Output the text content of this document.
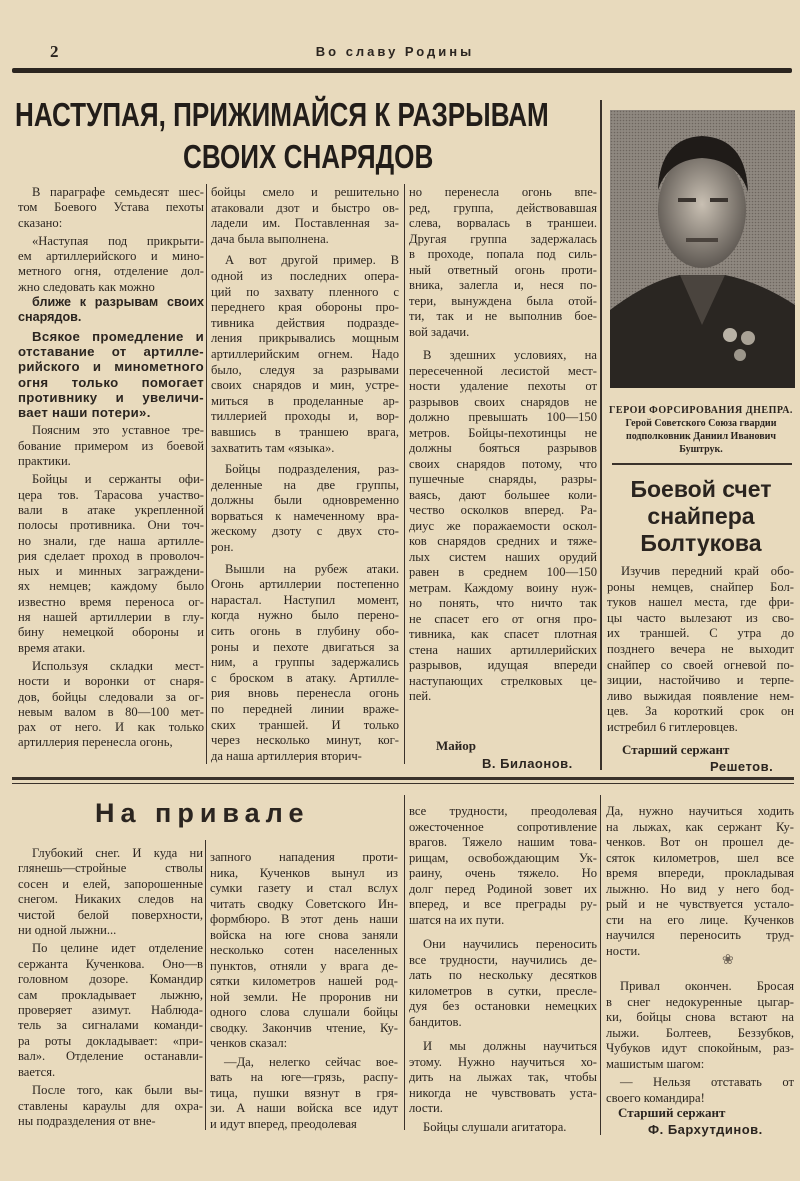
2	Во славу Родины
НАСТУПАЯ, ПРИЖИМАЙСЯ К РАЗРЫВАМ
СВОИХ СНАРЯДОВ
В параграфе семьдесят шес-
том Боевого Устава пехоты
сказано:
«Наступая под прикрыти-
ем артиллерийского и мино-
метного огня, отделение дол-
жно следовать как можно
ближе к разрывам своих
снарядов.
Всякое промедление и
отставание от артилле-
рийского и минометного
огня только помогает
противнику и увеличи-
вает наши потери».
Поясним это уставное тре-
бование примером из боевой
практики.
Бойцы и сержанты офи-
цера тов. Тарасова участво-
вали в атаке укрепленной
полосы противника. Они точ-
но знали, где наша артилле-
рия сделает проход в проволоч-
ных и минных заграждени-
ях немцев; каждому было
известно время переноса ог-
ня нашей артиллерии в глу-
бину немецкой обороны и
время атаки.
Используя складки мест-
ности и воронки от снаря-
дов, бойцы следовали за ог-
невым валом в 80—100 мет-
рах от него. И как только
артиллерия перенесла огонь,
бойцы смело и решительно
атаковали дзот и быстро ов-
ладели им. Поставленная за-
дача была выполнена.
А вот другой пример. В
одной из последних опера-
ций по захвату пленного с
переднего края обороны про-
тивника действия подразде-
ления прикрывались мощным
артиллерийским огнем. Надо
было, следуя за разрывами
своих снарядов и мин, устре-
миться в проделанные ар-
тиллерией проходы и, вор-
вавшись в траншею врага,
захватить там «языка».
Бойцы подразделения, раз-
деленные на две группы,
должны были одновременно
ворваться к намеченному вра-
жескому дзоту с двух сто-
рон.
Вышли на рубеж атаки.
Огонь артиллерии постепенно
нарастал. Наступил момент,
когда нужно было перено-
сить огонь в глубину обо-
роны и пехоте двигаться за
ним, а группы задержались
с броском в атаку. Артилле-
рия вновь перенесла огонь
по передней линии враже-
ских траншей. И только
через несколько минут, ког-
да наша артиллерия вторич-
но перенесла огонь впе-
ред, группа, действовавшая
слева, ворвалась в траншеи.
Другая группа задержалась
в проходе, попала под силь-
ный ответный огонь проти-
вника, залегла и, неся по-
тери, вынуждена была отой-
ти, так и не выполнив бое-
вой задачи.
В здешних условиях, на
пересеченной лесистой мест-
ности удаление пехоты от
разрывов своих снарядов не
должно превышать 100—150
метров. Бойцы-пехотинцы не
должны бояться разрывов
своих снарядов потому, что
пушечные снаряды, разры-
ваясь, дают большее коли-
чество осколков вперед. Ра-
диус же поражаемости оскол-
ков снарядов средних и тяже-
лых систем наших орудий
равен в среднем 100—150
метрам. Каждому воину нуж-
но понять, что ничто так
не спасет его от огня про-
тивника, как спасет плотная
стена наших артиллерийских
разрывов, идущая впереди
наступающих стрелковых це-
пей.
Майор
В. Билаонов.
ГЕРОИ ФОРСИРОВАНИЯ ДНЕПРА.
Герой Советского Союза гвардии подполковник Даниил Иванович Буштрук.
Боевой счет
снайпера
Болтукова
Изучив передний край обо-
роны немцев, снайпер Бол-
туков нашел места, где фри-
цы часто вылезают из сво-
их траншей. С утра до
позднего вечера не выходит
снайпер со своей огневой по-
зиции, настойчиво и терпе-
ливо выжидая появление нем-
цев. За короткий срок он
истребил 6 гитлеровцев.
Старший сержант
Решетов.
На привале
Глубокий снег. И куда ни
глянешь—стройные стволы
сосен и елей, запорошенные
снегом. Никаких следов на
чистой белой поверхности,
ни одной лыжни...
По целине идет отделение
сержанта Кученкова. Оно—в
головном дозоре. Командир
сам прокладывает лыжню,
проверяет азимут. Наблюда-
тель за сигналами команди-
ра роты докладывает: «при-
вал». Отделение останавли-
вается.
После того, как были вы-
ставлены караулы для охра-
ны подразделения от вне-
запного нападения проти-
ника, Кученков вынул из
сумки газету и стал вслух
читать сводку Советского Ин-
формбюро. В этот день наши
войска на юге снова заняли
несколько сотен населенных
пунктов, отняли у врага де-
сятки километров нашей род-
ной земли. Не проронив ни
одного слова слушали бойцы
сводку. Закончив чтение, Ку-
ченков сказал:
—Да, нелегко сейчас вое-
вать на юге—грязь, распу-
тица, пушки вязнут в гря-
зи. А наши войска все идут
и идут вперед, преодолевая
все трудности, преодолевая
ожесточенное сопротивление
врагов. Тяжело нашим това-
рищам, освобождающим Ук-
раину, очень тяжело. Но
долг перед Родиной зовет их
вперед, и все преграды ру-
шатся на их пути.
Они научились переносить
все трудности, научились де-
лать по нескольку десятков
километров в сутки, пресле-
дуя без остановки немецких
бандитов.
И мы должны научиться
этому. Нужно научиться хо-
дить на лыжах так, чтобы
никогда не чувствовать уста-
лости.
Бойцы слушали агитатора.
Да, нужно научиться ходить
на лыжах, как сержант Ку-
ченков. Вот он прошел де-
сяток километров, шел все
время впереди, прокладывая
лыжню. Но вид у него бод-
рый и не чувствуется устало-
сти на его лице. Кученков
научился переносить труд-
ности.
Привал окончен. Бросая
в снег недокуренные цыгар-
ки, бойцы снова встают на
лыжи. Болтеев, Беззубков,
Чубуков идут спокойным, раз-
машистым шагом:
— Нельзя отставать от
своего командира!
❀
Старший сержант
Ф. Бархутдинов.
